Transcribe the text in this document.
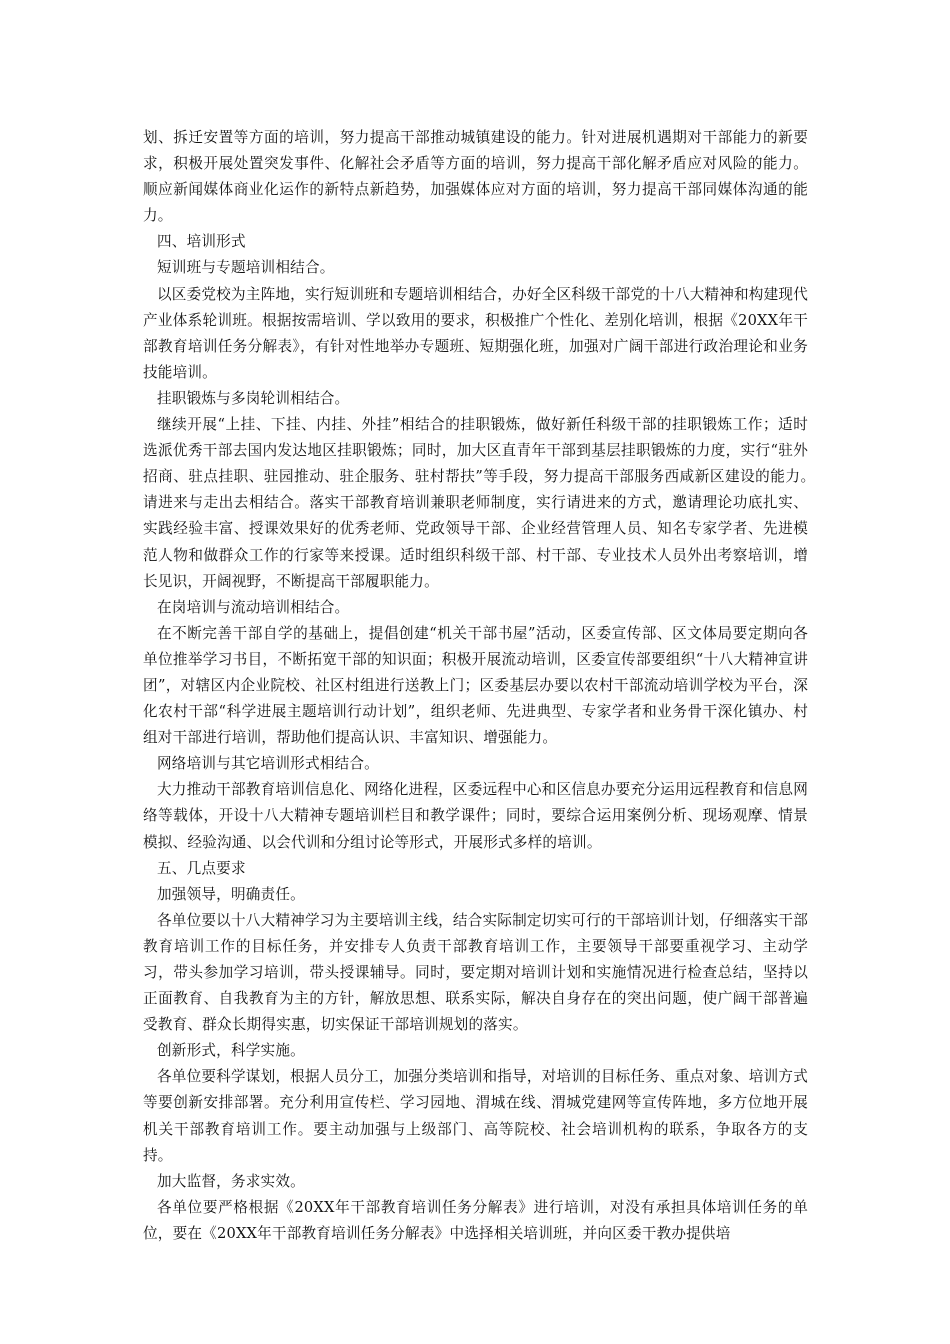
划、拆迁安置等方面的培训，努力提高干部推动城镇建设的能力。针对进展机遇期对干部能力的新要求，积极开展处置突发事件、化解社会矛盾等方面的培训，努力提高干部化解矛盾应对风险的能力。顺应新闻媒体商业化运作的新特点新趋势，加强媒体应对方面的培训，努力提高干部同媒体沟通的能力。

四、培训形式

短训班与专题培训相结合。

以区委党校为主阵地，实行短训班和专题培训相结合，办好全区科级干部党的十八大精神和构建现代产业体系轮训班。根据按需培训、学以致用的要求，积极推广个性化、差别化培训，根据《20XX年干部教育培训任务分解表》，有针对性地举办专题班、短期强化班，加强对广阔干部进行政治理论和业务技能培训。

挂职锻炼与多岗轮训相结合。

继续开展“上挂、下挂、内挂、外挂”相结合的挂职锻炼，做好新任科级干部的挂职锻炼工作；适时选派优秀干部去国内发达地区挂职锻炼；同时，加大区直青年干部到基层挂职锻炼的力度，实行“驻外招商、驻点挂职、驻园推动、驻企服务、驻村帮扶”等手段，努力提高干部服务西咸新区建设的能力。　请进来与走出去相结合。落实干部教育培训兼职老师制度，实行请进来的方式，邀请理论功底扎实、实践经验丰富、授课效果好的优秀老师、党政领导干部、企业经营管理人员、知名专家学者、先进模范人物和做群众工作的行家等来授课。适时组织科级干部、村干部、专业技术人员外出考察培训，增长见识，开阔视野，不断提高干部履职能力。

在岗培训与流动培训相结合。

在不断完善干部自学的基础上，提倡创建“机关干部书屋”活动，区委宣传部、区文体局要定期向各单位推举学习书目，不断拓宽干部的知识面；积极开展流动培训，区委宣传部要组织“十八大精神宣讲团”，对辖区内企业院校、社区村组进行送教上门；区委基层办要以农村干部流动培训学校为平台，深化农村干部“科学进展主题培训行动计划”，组织老师、先进典型、专家学者和业务骨干深化镇办、村组对干部进行培训，帮助他们提高认识、丰富知识、增强能力。

网络培训与其它培训形式相结合。

大力推动干部教育培训信息化、网络化进程，区委远程中心和区信息办要充分运用远程教育和信息网络等载体，开设十八大精神专题培训栏目和教学课件；同时，要综合运用案例分析、现场观摩、情景模拟、经验沟通、以会代训和分组讨论等形式，开展形式多样的培训。

五、几点要求

加强领导，明确责任。

各单位要以十八大精神学习为主要培训主线，结合实际制定切实可行的干部培训计划，仔细落实干部教育培训工作的目标任务，并安排专人负责干部教育培训工作，主要领导干部要重视学习、主动学习，带头参加学习培训，带头授课辅导。同时，要定期对培训计划和实施情况进行检查总结，坚持以正面教育、自我教育为主的方针，解放思想、联系实际，解决自身存在的突出问题，使广阔干部普遍受教育、群众长期得实惠，切实保证干部培训规划的落实。

创新形式，科学实施。

各单位要科学谋划，根据人员分工，加强分类培训和指导，对培训的目标任务、重点对象、培训方式等要创新安排部署。充分利用宣传栏、学习园地、渭城在线、渭城党建网等宣传阵地，多方位地开展机关干部教育培训工作。要主动加强与上级部门、高等院校、社会培训机构的联系，争取各方的支持。

加大监督，务求实效。

各单位要严格根据《20XX年干部教育培训任务分解表》进行培训，对没有承担具体培训任务的单位，要在《20XX年干部教育培训任务分解表》中选择相关培训班，并向区委干教办提供培
